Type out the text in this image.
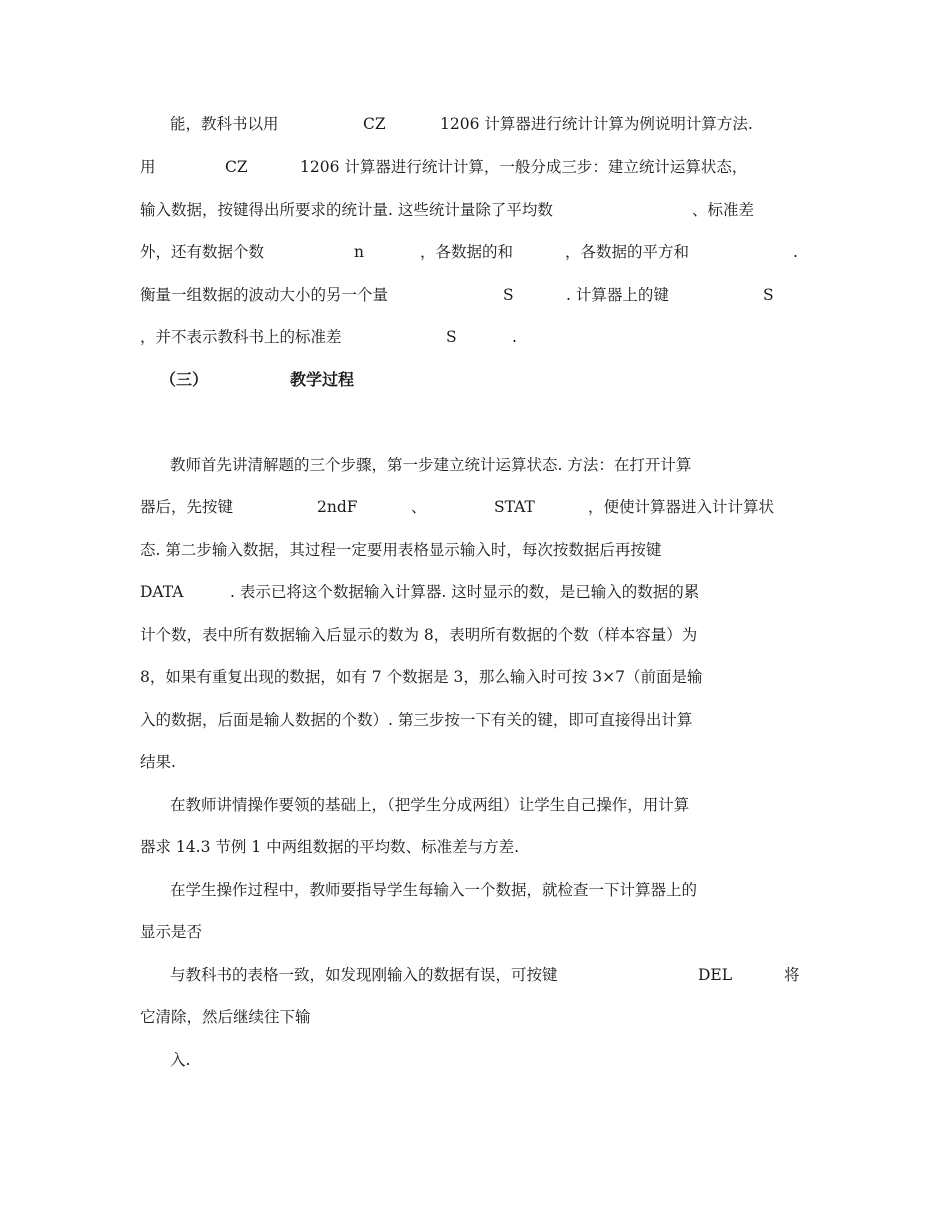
能，教科书以用	CZ	1206 计算器进行统计计算为例说明计算方法.
用	CZ	1206 计算器进行统计计算，一般分成三步：建立统计运算状态，
输入数据，按键得出所要求的统计量. 这些统计量除了平均数	、标准差
外，还有数据个数	n	，各数据的和	，各数据的平方和	.
衡量一组数据的波动大小的另一个量	S	. 计算器上的键	S
，并不表示教科书上的标准差	S	.
（三）	教学过程
教师首先讲清解题的三个步骤，第一步建立统计运算状态. 方法：在打开计算
器后，先按键	2ndF	、	STAT	，便使计算器进入计计算状
态. 第二步输入数据，其过程一定要用表格显示输入时，每次按数据后再按键
DATA	. 表示已将这个数据输入计算器. 这时显示的数，是已输入的数据的累
计个数，表中所有数据输入后显示的数为 8，表明所有数据的个数（样本容量）为
8，如果有重复出现的数据，如有 7 个数据是 3，那么输入时可按 3×7（前面是输
入的数据，后面是输人数据的个数）. 第三步按一下有关的键，即可直接得出计算
结果.
在教师讲情操作要领的基础上，（把学生分成两组）让学生自己操作，用计算
器求 14.3 节例 1 中两组数据的平均数、标准差与方差.
在学生操作过程中，教师要指导学生每输入一个数据，就检查一下计算器上的
显示是否
与教科书的表格一致，如发现刚输入的数据有误，可按键	DEL	将
它清除，然后继续往下输
入.
